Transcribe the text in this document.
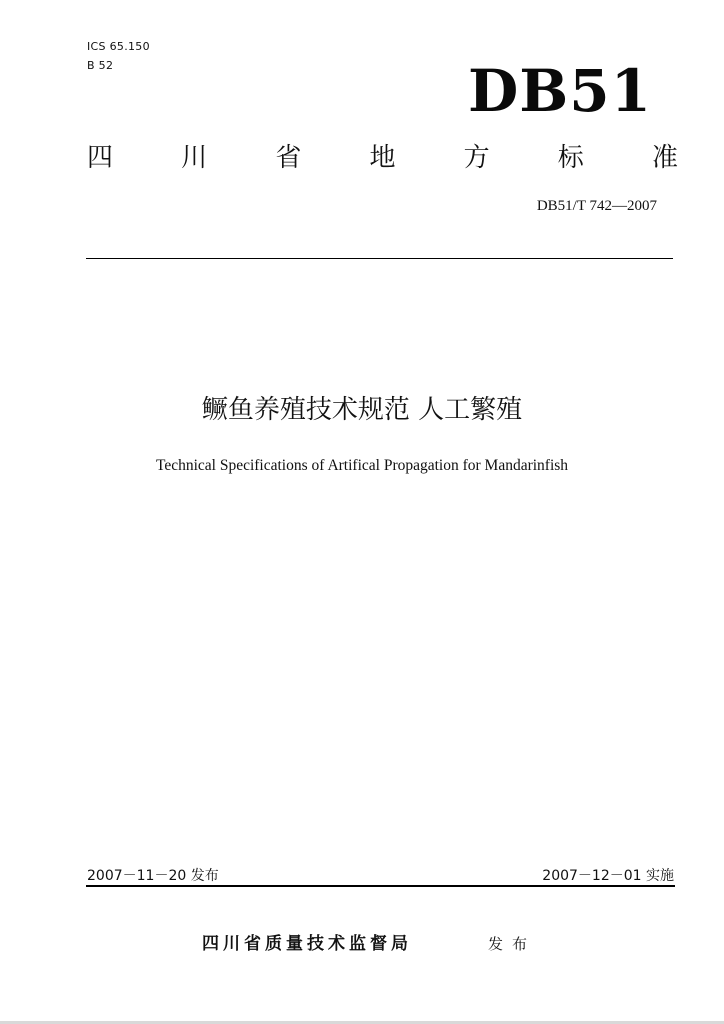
ICS 65.150
B 52	DB51
四	川	省	地	方	标	准
DB51/T 742—2007
鳜鱼养殖技术规范 人工繁殖
Technical Specifications of Artifical Propagation for Mandarinfish
2007－11－20 发布	2007－12－01 实施
四川省质量技术监督局	发布
